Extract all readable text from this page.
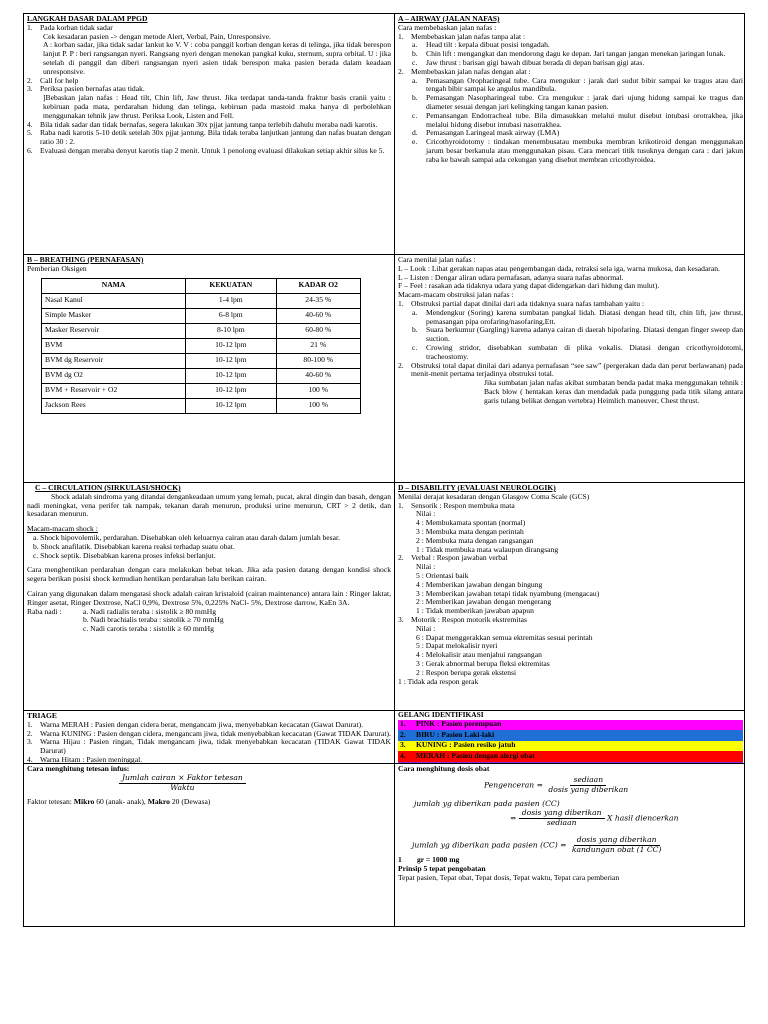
LANGKAH DASAR DALAM PPGD
1. Pada korban tidak sadar
Cek kesadaran pasien -> dengan metode Alert, Verbal, Pain, Unresponsive.
A : korban sadar, jika tidak sadar lankut ke V. V : coba panggil korban dengan keras di telinga, jika tidak berespon lanjut P. P : beri rangsangan nyeri. Rangsang nyeri dengan menekan pangkal kuku, sternum, supra orbital. U : jika setelah di panggil dan diberi rangsangan nyeri asien tidak berespon maka pasien berada dalam keadaan unresponsive.
2. Call for help
3. Periksa pasien bernafas atau tidak.
]Bebaskan jalan nafas : Head tilt, Chin lift, Jaw thrust. Jika terdapat tanda-tanda fraktur basis cranii yaitu : kebiruan pada mata, perdarahan hidung dan telinga, kebiruan pada mastoid maka hanya di perbolehkan menggunakan tehnik jaw thrust. Periksa Look, Listen and Fell.
4. Bila tidak sadar dan tidak bernafas, segera lakukan 30x pjjat jantung tanpa terlebih dahulu meraba nadi karotis.
5. Raba nadi karotis 5-10 detik setelah 30x pjjat jantung. Bila tidak teraba lanjutkan jantung dan nafas buatan dengan ratio 30 : 2.
6. Evaluasi dengan meraba denyut karotis tiap 2 menit. Untuk 1 penolong evaluasi dilakukan setiap akhir silus ke 5.
A – AIRWAY (JALAN NAFAS)
Cara membebaskan jalan nafas :
1. Membebaskan jalan nafas tanpa alat :
a.	Head tilt : kepala dibuat posisi tengadah.
b.	Chin lift : mengangkat dan mendorong dagu ke depan. Jari tangan jangan menekan jaringan lunak.
c.	Jaw thrust : barisan gigi bawah dibuat berada di depan barisan gigi atas.
2. Membebaskan jalan nafas dengan alat :
a.	Pemasangan Oropharingeal tube. Cara mengukur : jarak dari sudut bibir sampai ke tragus atau dari tengah bibir sampai ke angulus mandibula.
b.	Pemasangan Nasopharingeal tube. Cra mengukur : jarak dari ujung hidung sampai ke tragus dan diameter sesuai dengan jari kelingking tangan kanan pasien.
c.	Pemansangan Endotracheal tube. Bila dimasukkan melalui mulut disebut intubasi orotrakhea, jika melalui hidung disebut intubasi nasotrakhea.
d.	Pemasangan Laringeal mask airway (LMA)
e.	Cricothyroidotomy : tindakan menembusatau membuka membran krikotiroid dengan menggunakan jarum besar berkanula atau menggunakan pisau. Cara mencari titik tusuknya dengan cara : dari jakun raba ke bawah sampai ada cekungan yang disebut membran cricothyroidea.
B – BREATHING (PERNAFASAN)
Pemberian Oksigen
NAMA	KEKUATAN	KADAR O2
Nasal Kanul	1-4 lpm	24-35 %
Simple Masker	6-8 lpm	40-60 %
Masker Reservoir	8-10 lpm	60-80 %
BVM	10-12 lpm	21 %
BVM dg Reservoir	10-12 lpm	80-100 %
BVM dg O2	10-12 lpm	40-60 %
BVM + Reservoir + O2	10-12 lpm	100 %
Jackson Rees	10-12 lpm	100 %
Cara menilai jalan nafas :
L – Look : Lihat gerakan napas atau pengembangan dada, retraksi sela iga, warna mukosa, dan kesadaran.
L – Listen : Dengar aliran udara pernafasan, adanya suara nafas abnormal.
F – Feel : rasakan ada tidaknya udara yang dapat didengarkan dari hidung dan mulut).
Macam-macam obstruksi jalan nafas :
1. Obstruksi partial dapat dinilai dari ada tidaknya suara nafas tambahan yaitu :
a.	Mendengkur (Soring) karena sumbatan pangkal lidah. Diatasi dengan head tilt, chin lift, jaw thrust, pemasangan pipa orofaring/nasofaring,Ett.
b.	Suara berkumur (Gargling) karena adanya cairan di daerah hipofaring. Diatasi dengan finger sweep dan suction.
c.	Crowing stridor, disebabkan sumbatan di plika vokalis. Diatasi dengan cricothyroidotomi, tracheostomy.
2. Obstruksi total dapat dinilai dari adanya pernafasan “see saw” (pergerakan dada dan perut berlawanan) pada menit-menit pertama terjadinya obstruksi total.
Jika sumbatan jalan nafas akibat sumbatan benda padat maka menggunakan tehnik : Back blow ( hentakan keras dan mendadak pada punggung pada titik silang antara garis tulang belikat dengan vertebra) Heimlich maneuver, Chest thrust.
C – CIRCULATION (SIRKULASI/SHOCK)
Shock adalah sindroma yang ditandai dengankeadaan umum yang lemah, pucat, akral dingin dan basah, dengan nadi meningkat, vena perifer tak nampak, tekanan darah menurun, produksi urine menurun, CRT > 2 detik, dan kesadaran menurun.
Macam-macam shock :
a. Shock hipovolemik, perdarahan. Disebabkan oleh keluarnya cairan atau darah dalam jumlah besar.
b. Shock anafilatik. Disebabkan karena reaksi terhadap suatu obat.
c. Shock septik. Disebabkan karena proses infeksi berlanjut.
Cara menghentikan perdarahan dengan cara melakukan bebat tekan. Jika ada pasien datang dengan kondisi shock segera berikan posisi shock kemudian hentikan perdarahan lalu berikan cairan.
Cairan yang digunakan dalam mengatasi shock adalah cairan kristaloid (cairan maintenance) antara lain : Ringer laktat, Ringer asetat, Ringer Dextrose, NaCl 0,9%, Dextrose 5%, 0,225% NaCl- 5%, Dextrose darrow, KaEn 3A.
Raba nadi :	a. Nadi radialis teraba : sistolik ≥ 80 mmHg
b. Nadi brachialis teraba : sistolik ≥ 70 mmHg
c. Nadi carotis teraba : sistolik ≥ 60 mmHg
D – DISABILITY (EVALUASI NEUROLOGIK)
Menilai derajat kesadaran dengan Glasgow Coma Scale (GCS)
1. Sensorik : Respon membuka mata
Nilai :
4 : Membukamata spontan (normal)
3 : Membuka mata dengan perintah
2 : Membuka mata dengan rangsangan
1 : Tidak membuka mata walaupun dirangsang
2. Verbal : Respon jawaban verbal
Nilai :
5 : Orientasi baik
4 : Memberikan jawaban dengan bingung
3 : Memberikan jawaban tetapi tidak nyambung (mengacau)
2 : Memberikan jawaban dengan mengerang
1 : Tidak memberikan jawaban apapun
3. Motorik : Respon motorik ekstremitas
Nilai :
6 : Dapat menggerakkan semua ektremitas sesuai perintah
5 : Dapat melokalisir nyeri
4 : Melokalisir atau menjahui rangsangan
3 : Gerak abnormal berupa fleksi ektremitas
2 : Respon berupa gerak ekstensi
1 : Tidak ada respon gerak
TRIAGE
1. Warna MERAH : Pasien dengan cidera berat, mengancam jiwa, menyebabkan kecacatan (Gawat Darurat).
2. Warna KUNING : Pasien dengan cidera, mengancam jiwa, tidak menyebabkan kecacatan (Gawat TIDAK Darurat).
3. Warna Hijau : Pasien ringan, Tidak mengancam jiwa, tidak menyebabkan kecacatan (TIDAK Gawat TIDAK Darurat)
4. Warna Hitam : Pasien meninggal.
GELANG IDENTIFIKASI
1.	PINK : Pasien perempuan
2.	BIRU : Pasien Laki-laki
3.	KUNING : Pasien resiko jatuh
4.	MERAH : Pasien dengan alergi obat
Cara menghitung tetesan infus:
$\frac{\text{Jumlah cairan × Faktor tetesan}}{\text{Waktu}}$
Faktor tetesan: Mikro 60 (anak- anak), Makro 20 (Dewasa)
Cara menghitung dosis obat
Pengenceran = $\frac{\text{sediaan}}{\text{dosis yang diberikan}}$
jumlah yg diberikan pada pasien (CC)
= $\frac{\text{dosis yang diberikan}}{\text{sediaan}}$ X hasil diencerkan
jumlah yg diberikan pada pasien $(CC) = \frac{\text{dosis yang diberikan}}{\text{kandungan obat (1 CC)}}$
1        gr = 1000 mg
Prinsip 5 tepat pengobatan
Tepat pasien, Tepat obat, Tepat dosis, Tepat waktu, Tepat cara pemberian
